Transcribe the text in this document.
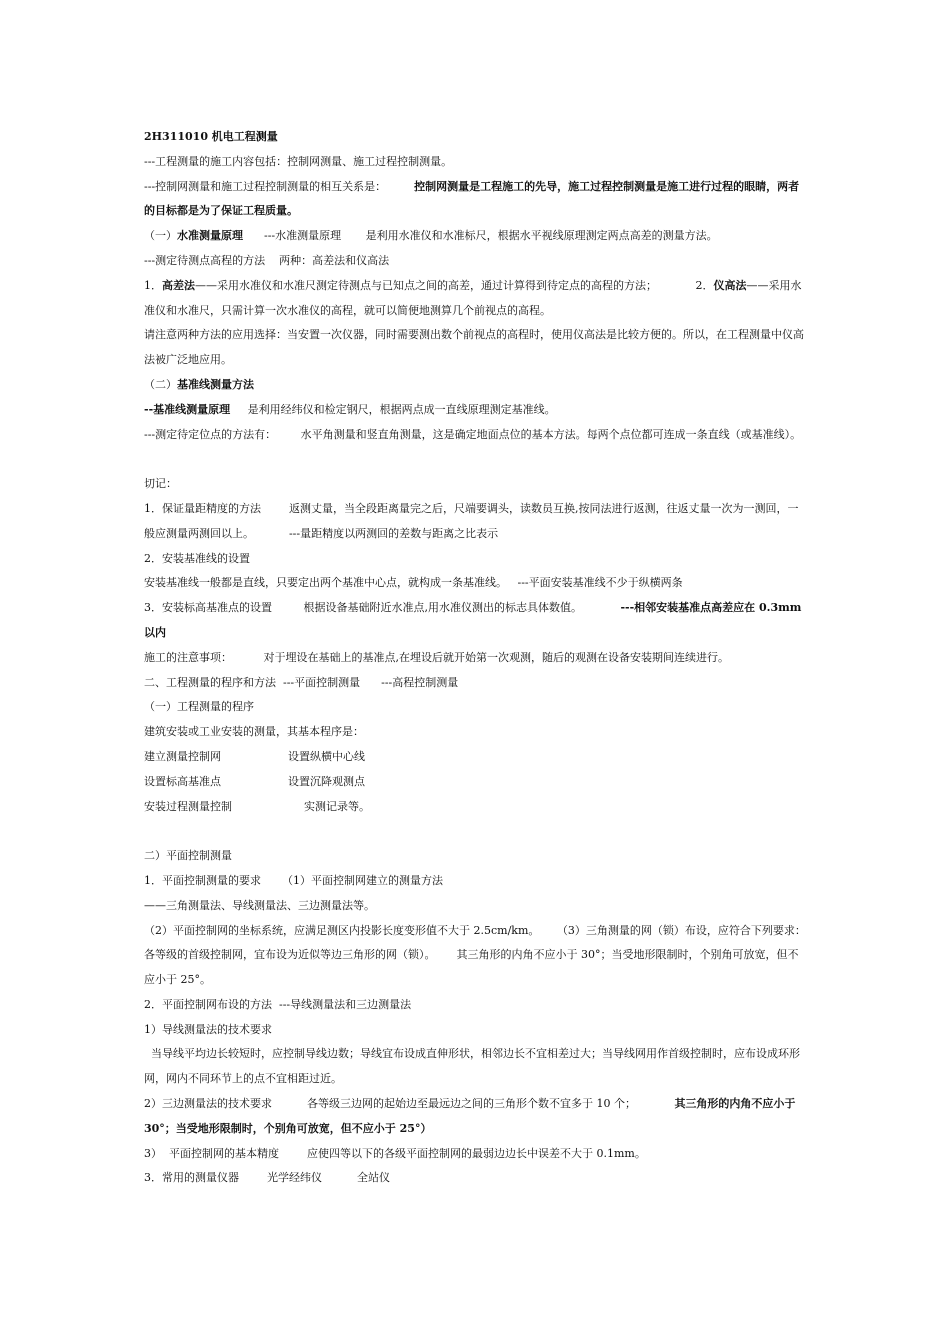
2H311010 机电工程测量
---工程测量的施工内容包括：控制网测量、施工过程控制测量。
---控制网测量和施工过程控制测量的相互关系是：	控制网测量是工程施工的先导，施工过程控制测量是施工进行过程的眼睛，两者的目标都是为了保证工程质量。
（一）水准测量原理 ---水准测量原理 是利用水准仪和水准标尺，根据水平视线原理测定两点高差的测量方法。
---测定待测点高程的方法    两种：高差法和仪高法
1．高差法——采用水准仪和水准尺测定待测点与已知点之间的高差，通过计算得到待定点的高程的方法；	2．仪高法——采用水准仪和水准尺，只需计算一次水准仪的高程，就可以简便地测算几个前视点的高程。
请注意两种方法的应用选择：当安置一次仪器，同时需要测出数个前视点的高程时，使用仪高法是比较方便的。所以，在工程测量中仪高法被广泛地应用。
（二）基准线测量方法
--基准线测量原理 是利用经纬仪和检定钢尺，根据两点成一直线原理测定基准线。
---测定待定位点的方法有： 水平角测量和竖直角测量，这是确定地面点位的基本方法。每两个点位都可连成一条直线（或基准线）。
切记：
1．保证量距精度的方法	返测丈量，当全段距离量完之后，尺端要调头，读数员互换,按同法进行返测，往返丈量一次为一测回，一般应测量两测回以上。	---量距精度以两测回的差数与距离之比表示
2．安装基准线的设置
安装基准线一般都是直线，只要定出两个基准中心点，就构成一条基准线。 ---平面安装基准线不少于纵横两条
3．安装标高基准点的设置	根据设备基础附近水准点,用水准仪测出的标志具体数值。	---相邻安装基准点高差应在 0.3mm 以内
施工的注意事项：	对于埋设在基础上的基准点,在埋设后就开始第一次观测，随后的观测在设备安装期间连续进行。
二、工程测量的程序和方法  ---平面控制测量      ---高程控制测量
（一）工程测量的程序
建筑安装或工业安装的测量，其基本程序是：
建立测量控制网	设置纵横中心线
设置标高基准点	设置沉降观测点
安装过程测量控制	实测记录等。
二）平面控制测量
1．平面控制测量的要求 （1）平面控制网建立的测量方法
——三角测量法、导线测量法、三边测量法等。
（2）平面控制网的坐标系统，应满足测区内投影长度变形值不大于 2.5cm/km。 （3）三角测量的网（锁）布设，应符合下列要求：      各等级的首级控制网，宜布设为近似等边三角形的网（锁）。 其三角形的内角不应小于 30°；当受地形限制时，个别角可放宽，但不应小于 25°。
2．平面控制网布设的方法  ---导线测量法和三边测量法
1）导线测量法的技术要求
当导线平均边长较短时，应控制导线边数；导线宜布设成直伸形状，相邻边长不宜相差过大；当导线网用作首级控制时，应布设成环形网，网内不同环节上的点不宜相距过近。
2）三边测量法的技术要求	各等级三边网的起始边至最远边之间的三角形个数不宜多于 10 个；	其三角形的内角不应小于 30°；当受地形限制时，个别角可放宽，但不应小于 25°）
3）  平面控制网的基本精度	应使四等以下的各级平面控制网的最弱边边长中误差不大于 0.1mm。
3．常用的测量仪器	光学经纬仪	全站仪
